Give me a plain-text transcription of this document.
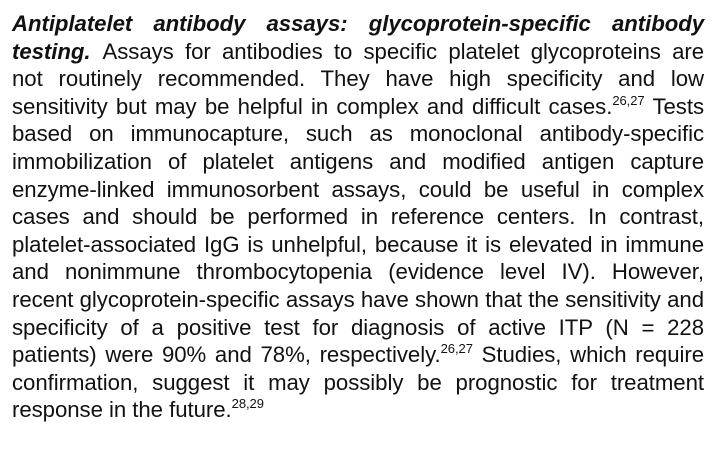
Antiplatelet antibody assays: glycoprotein-specific antibody testing. Assays for antibodies to specific platelet glycoproteins are not routinely recommended. They have high specificity and low sensitivity but may be helpful in complex and difficult cases.$^{26,27}$ Tests based on immunocapture, such as monoclonal antibody-specific immobilization of platelet antigens and modified antigen capture enzyme-linked immunosorbent assays, could be useful in complex cases and should be performed in reference centers. In contrast, platelet-associated IgG is unhelpful, because it is elevated in immune and nonimmune thrombocytopenia (evidence level IV). However, recent glycoprotein-specific assays have shown that the sensitivity and specificity of a positive test for diagnosis of active ITP (N = 228 patients) were 90% and 78%, respectively.$^{26,27}$ Studies, which require confirmation, suggest it may possibly be prognostic for treatment response in the future.$^{28,29}$
